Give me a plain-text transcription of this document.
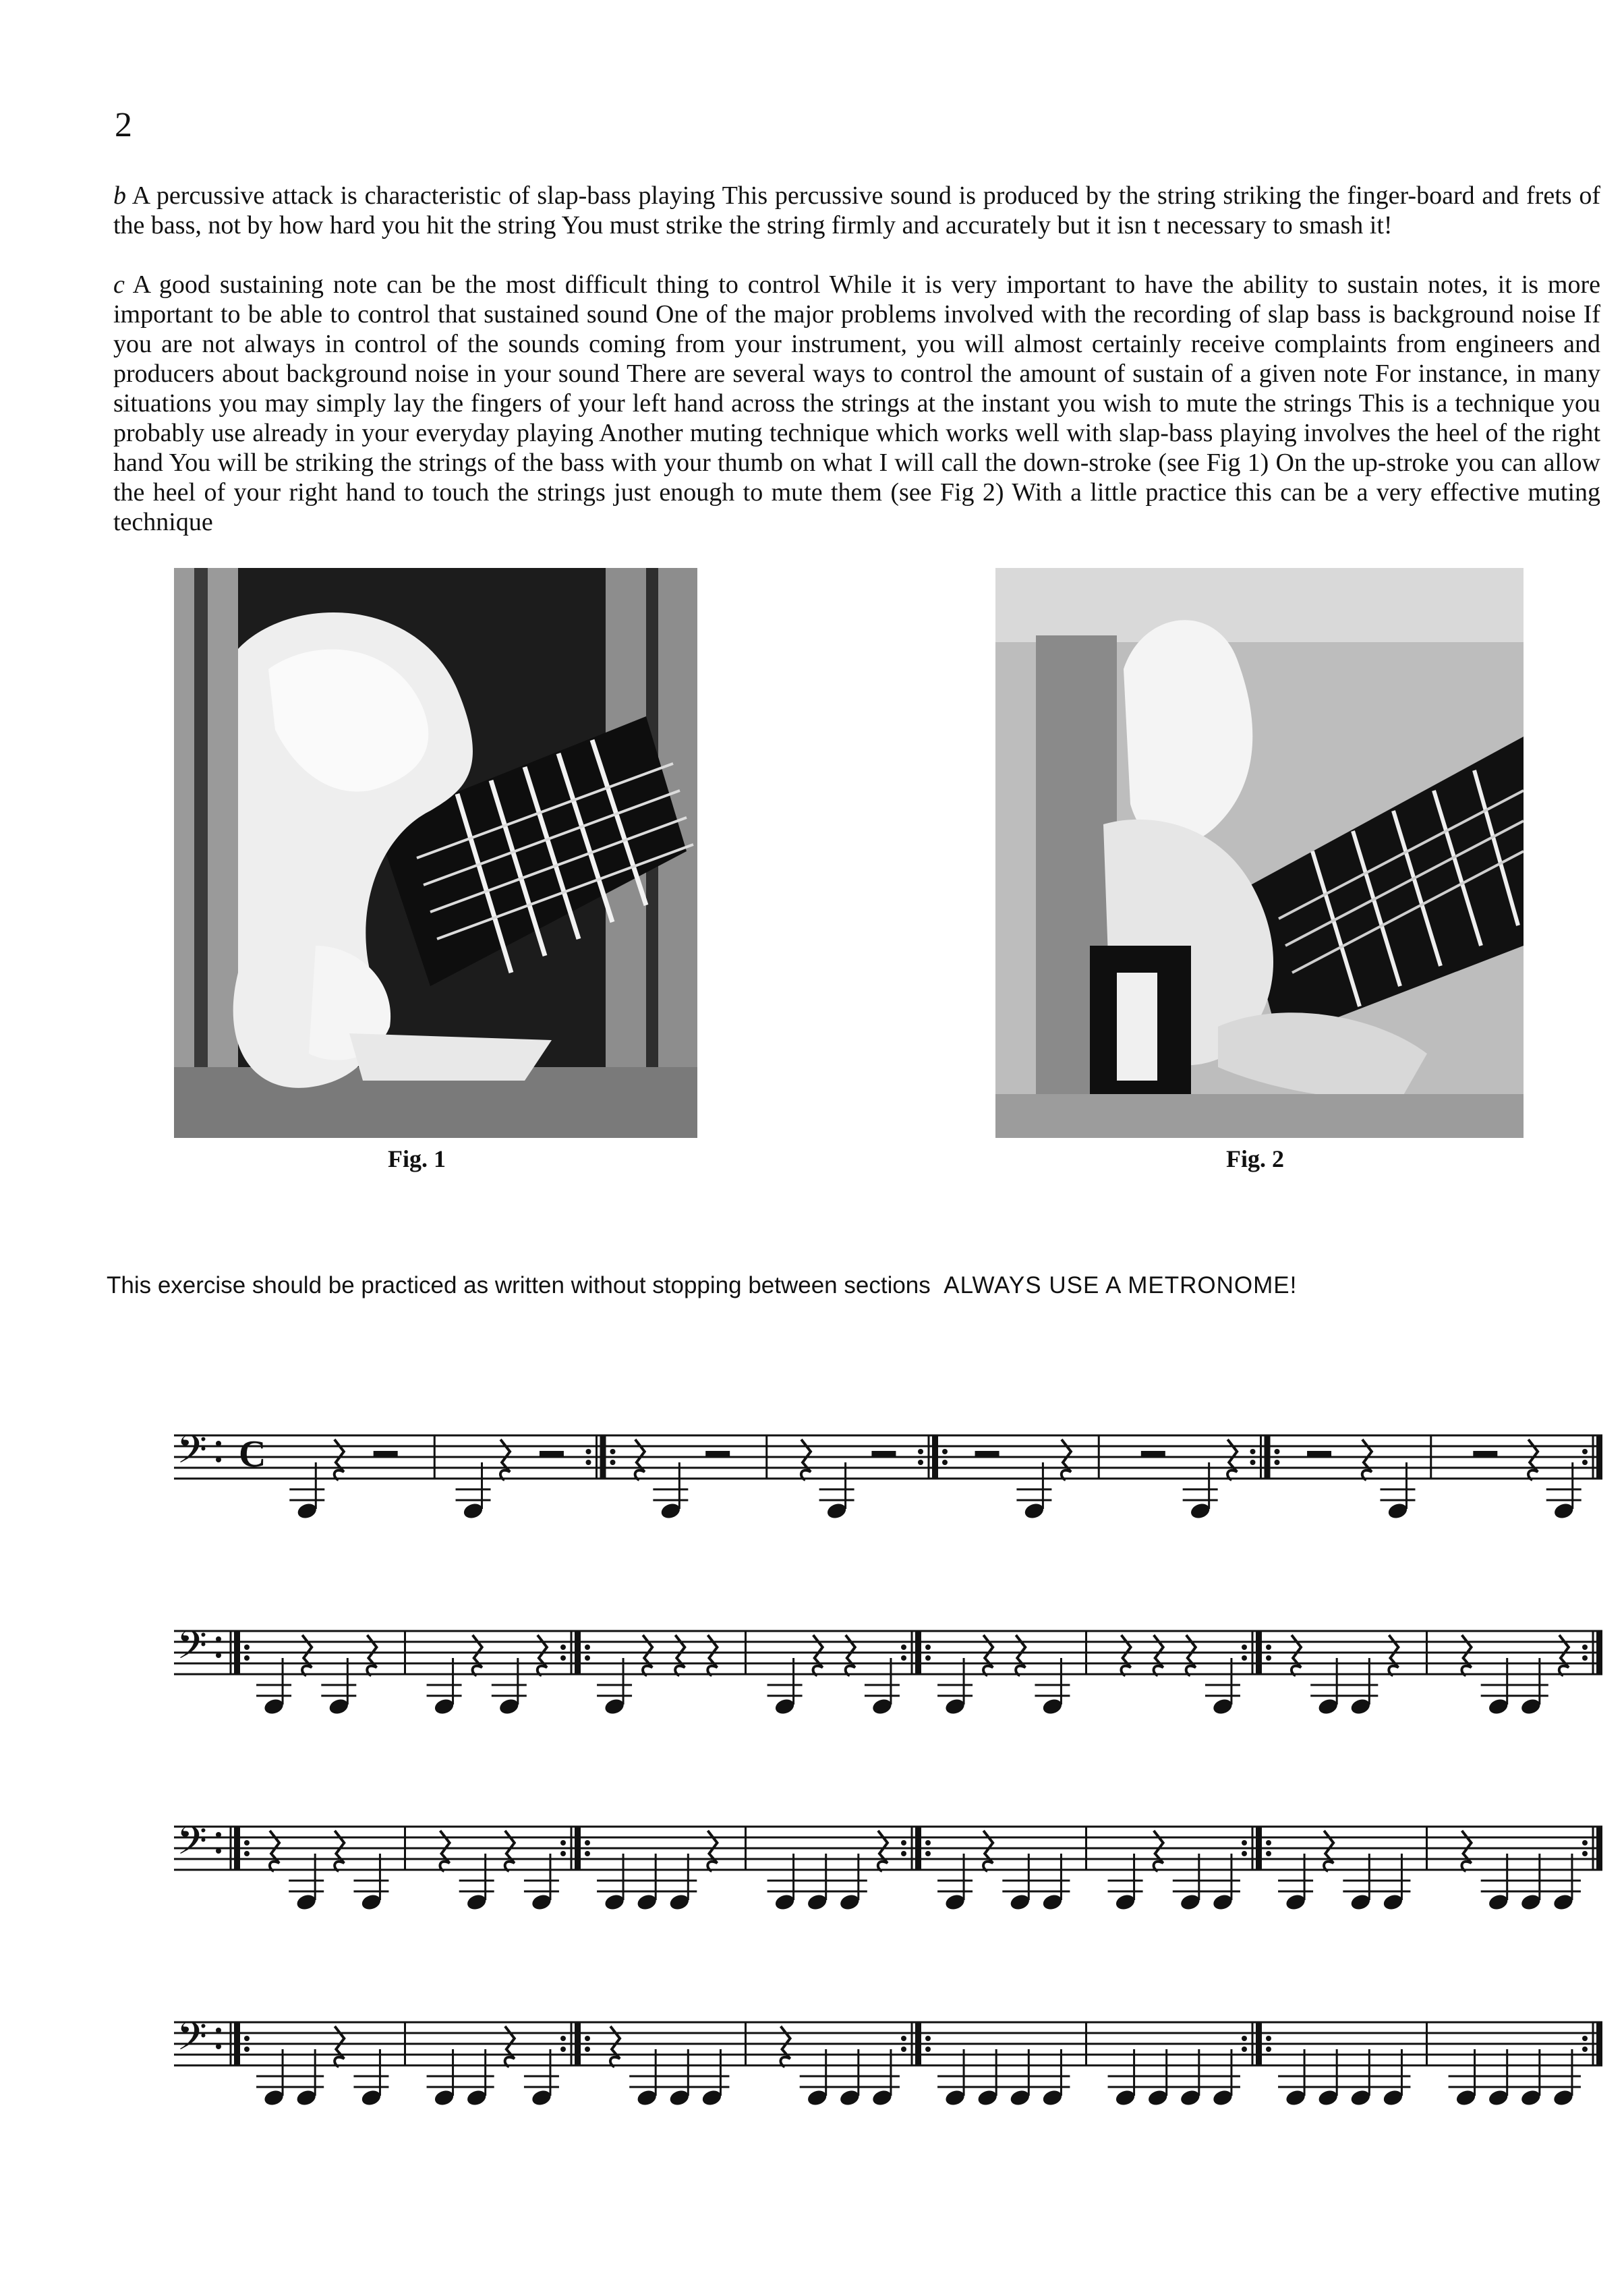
2

b A percussive attack is characteristic of slap-bass playing This percussive sound is produced by the string striking the finger-board and frets of the bass, not by how hard you hit the string You must strike the string firmly and accurately but it isn t necessary to smash it!

c A good sustaining note can be the most difficult thing to control While it is very important to have the ability to sustain notes, it is more important to be able to control that sustained sound One of the major problems involved with the recording of slap bass is background noise If you are not always in control of the sounds coming from your instrument, you will almost certainly receive complaints from engineers and producers about background noise in your sound There are several ways to control the amount of sustain of a given note For instance, in many situations you may simply lay the fingers of your left hand across the strings at the instant you wish to mute the strings This is a technique you probably use already in your everyday playing Another muting technique which works well with slap-bass playing involves the heel of the right hand You will be striking the strings of the bass with your thumb on what I will call the down-stroke (see Fig 1) On the up-stroke you can allow the heel of your right hand to touch the strings just enough to mute them (see Fig 2) With a little practice this can be a very effective muting technique

Fig. 1	Fig. 2
This exercise should be practiced as written without stopping between sections ALWAYS USE A METRONOME!
𝄢 C
𝄢
𝄢
𝄢
